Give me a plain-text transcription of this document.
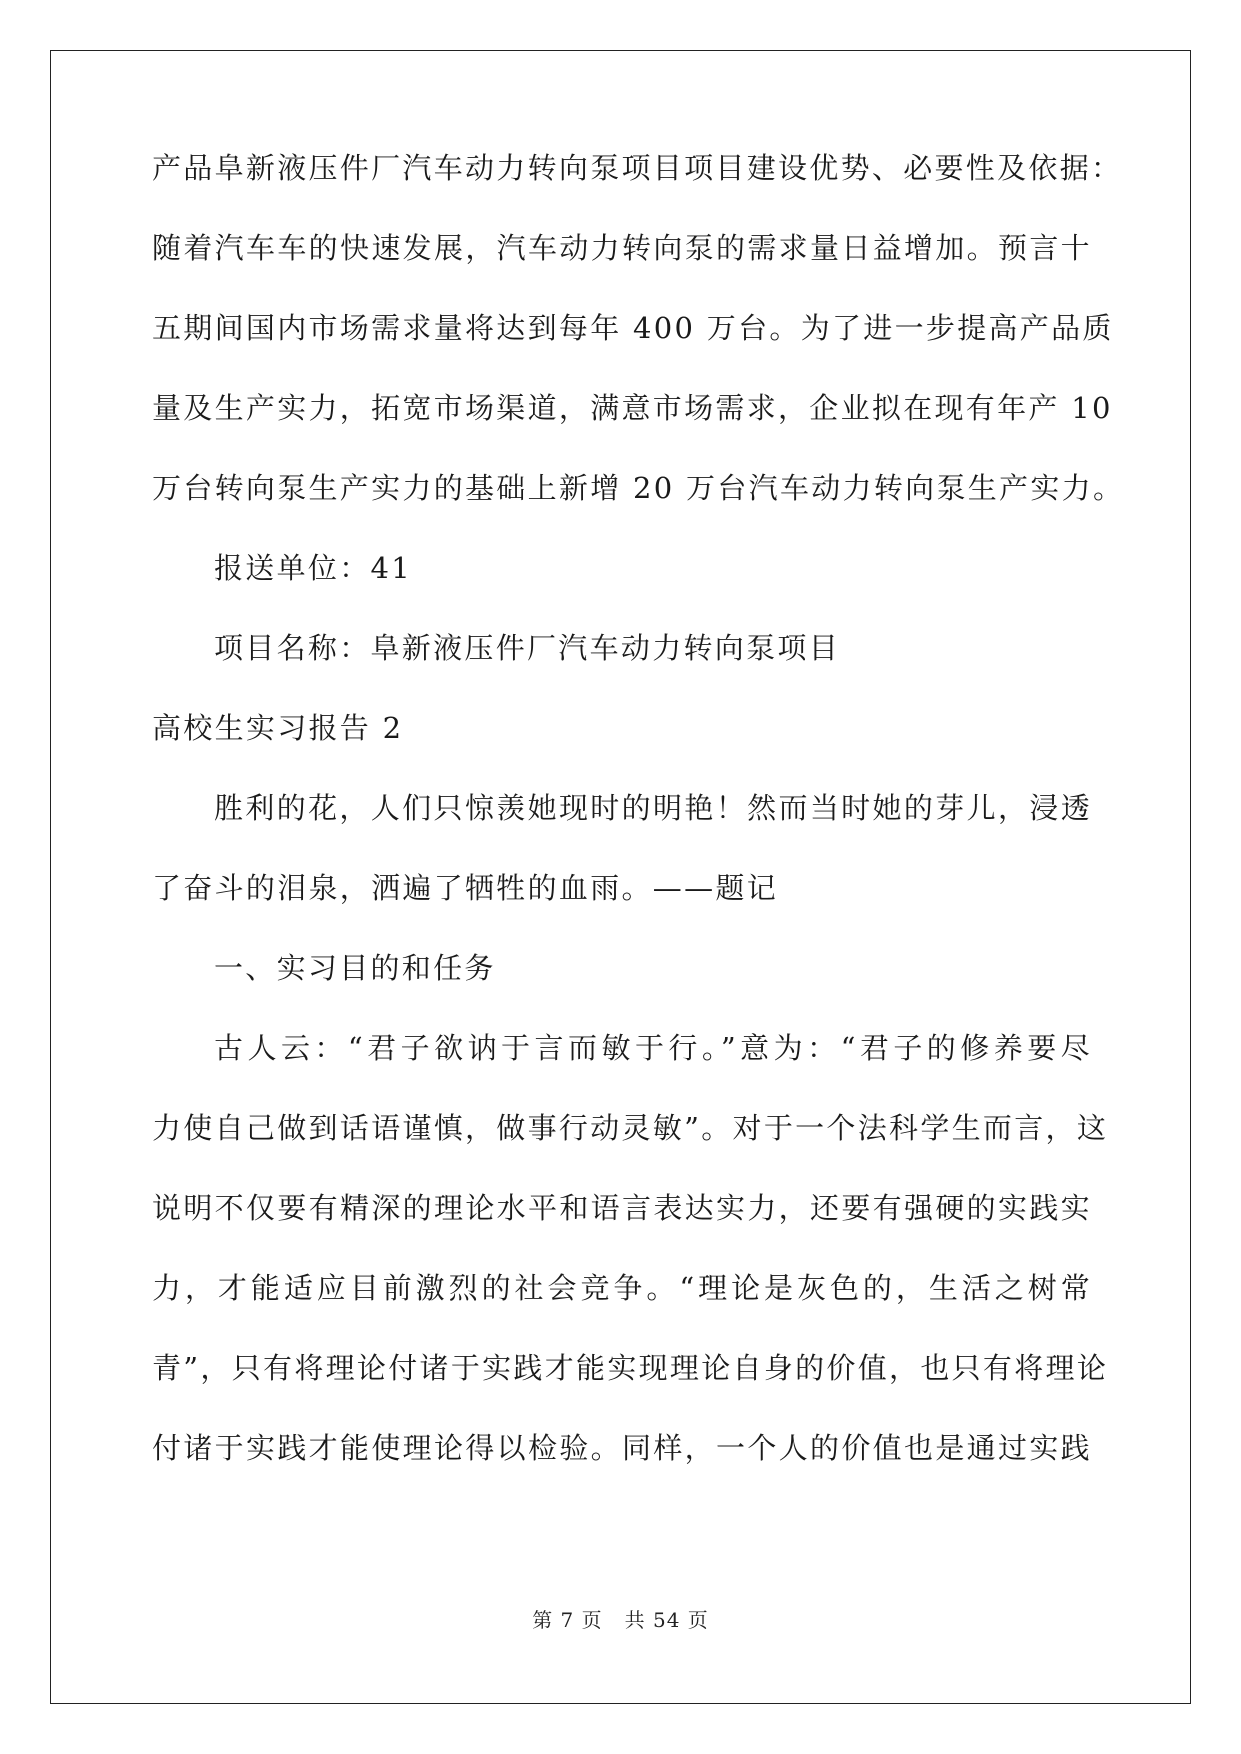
产品阜新液压件厂汽车动力转向泵项目项目建设优势、必要性及依据：
随着汽车车的快速发展，汽车动力转向泵的需求量日益增加。预言十
五期间国内市场需求量将达到每年 400 万台。为了进一步提高产品质
量及生产实力，拓宽市场渠道，满意市场需求，企业拟在现有年产 10
万台转向泵生产实力的基础上新增 20 万台汽车动力转向泵生产实力。
报送单位：41
项目名称：阜新液压件厂汽车动力转向泵项目
高校生实习报告 2
胜利的花，人们只惊羡她现时的明艳！然而当时她的芽儿，浸透
了奋斗的泪泉，洒遍了牺牲的血雨。——题记
一、实习目的和任务
古人云：“君子欲讷于言而敏于行。”意为：“君子的修养要尽
力使自己做到话语谨慎，做事行动灵敏”。对于一个法科学生而言，这
说明不仅要有精深的理论水平和语言表达实力，还要有强硬的实践实
力，才能适应目前激烈的社会竞争。“理论是灰色的，生活之树常
青”，只有将理论付诸于实践才能实现理论自身的价值，也只有将理论
付诸于实践才能使理论得以检验。同样，一个人的价值也是通过实践
第 7 页 共 54 页
